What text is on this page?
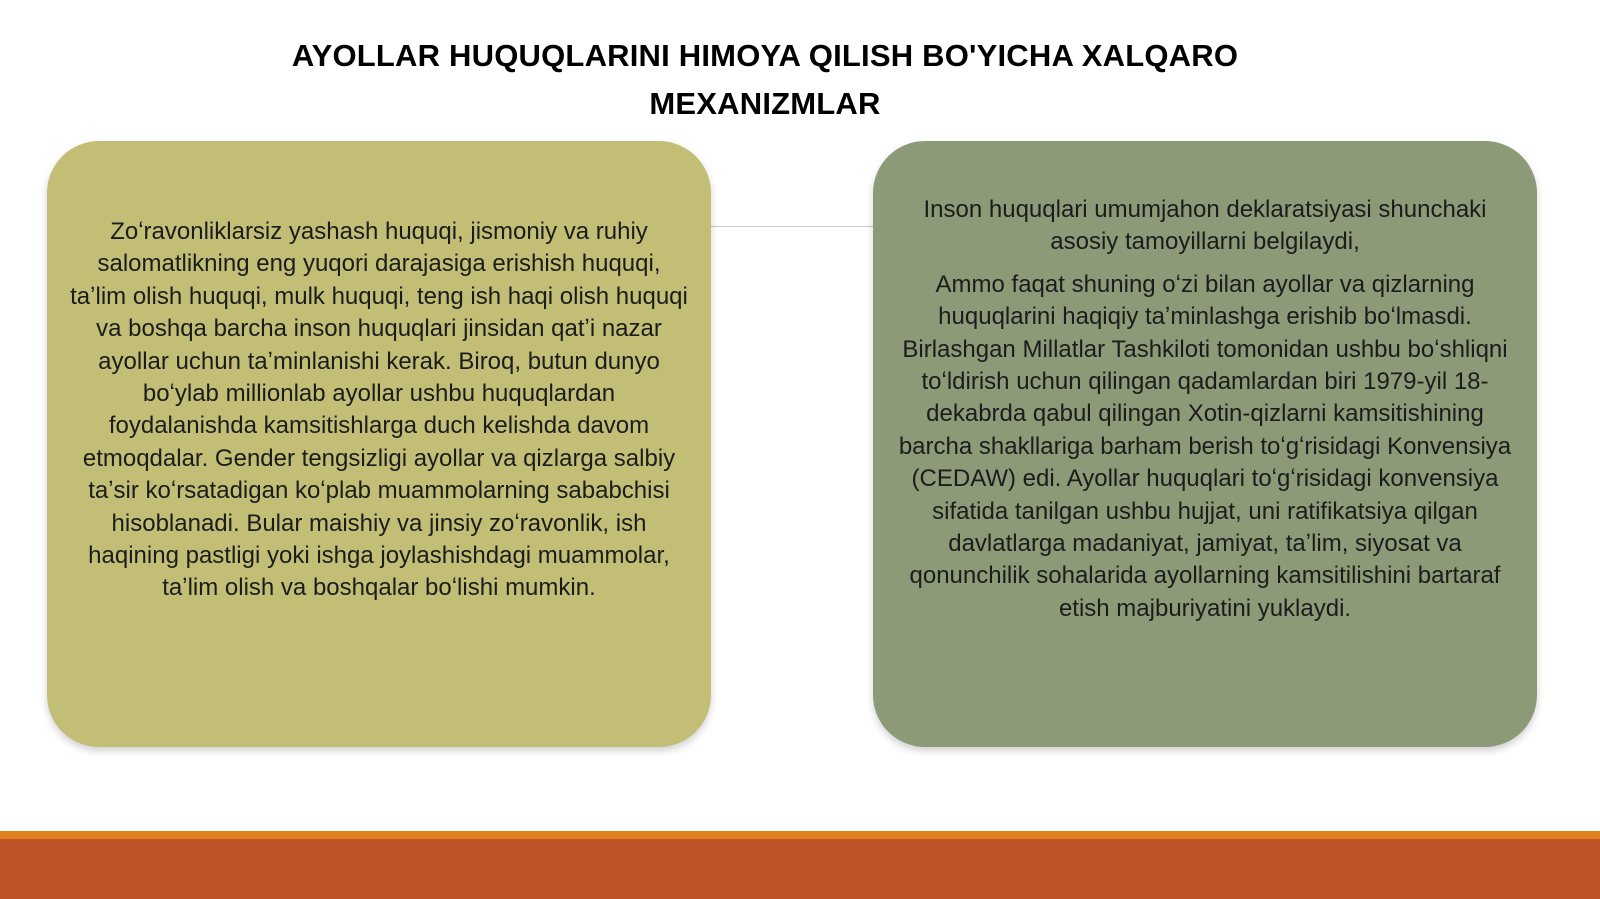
AYOLLAR HUQUQLARINI HIMOYA QILISH BO'YICHA XALQARO MEXANIZMLAR

Zoʻravonliklarsiz yashash huquqi, jismoniy va ruhiy salomatlikning eng yuqori darajasiga erishish huquqi, taʼlim olish huquqi, mulk huquqi, teng ish haqi olish huquqi va boshqa barcha inson huquqlari jinsidan qatʼi nazar ayollar uchun taʼminlanishi kerak. Biroq, butun dunyo boʻylab millionlab ayollar ushbu huquqlardan foydalanishda kamsitishlarga duch kelishda davom etmoqdalar. Gender tengsizligi ayollar va qizlarga salbiy taʼsir koʻrsatadigan koʻplab muammolarning sababchisi hisoblanadi. Bular maishiy va jinsiy zoʻravonlik, ish haqining pastligi yoki ishga joylashishdagi muammolar, taʼlim olish va boshqalar boʻlishi mumkin.

Inson huquqlari umumjahon deklaratsiyasi shunchaki asosiy tamoyillarni belgilaydi,

Ammo faqat shuning oʻzi bilan ayollar va qizlarning huquqlarini haqiqiy taʼminlashga erishib boʻlmasdi. Birlashgan Millatlar Tashkiloti tomonidan ushbu boʻshliqni toʻldirish uchun qilingan qadamlardan biri 1979-yil 18-dekabrda qabul qilingan Xotin-qizlarni kamsitishining barcha shakllariga barham berish toʻgʻrisidagi Konvensiya (CEDAW) edi. Ayollar huquqlari toʻgʻrisidagi konvensiya sifatida tanilgan ushbu hujjat, uni ratifikatsiya qilgan davlatlarga madaniyat, jamiyat, taʼlim, siyosat va qonunchilik sohalarida ayollarning kamsitilishini bartaraf etish majburiyatini yuklaydi.
